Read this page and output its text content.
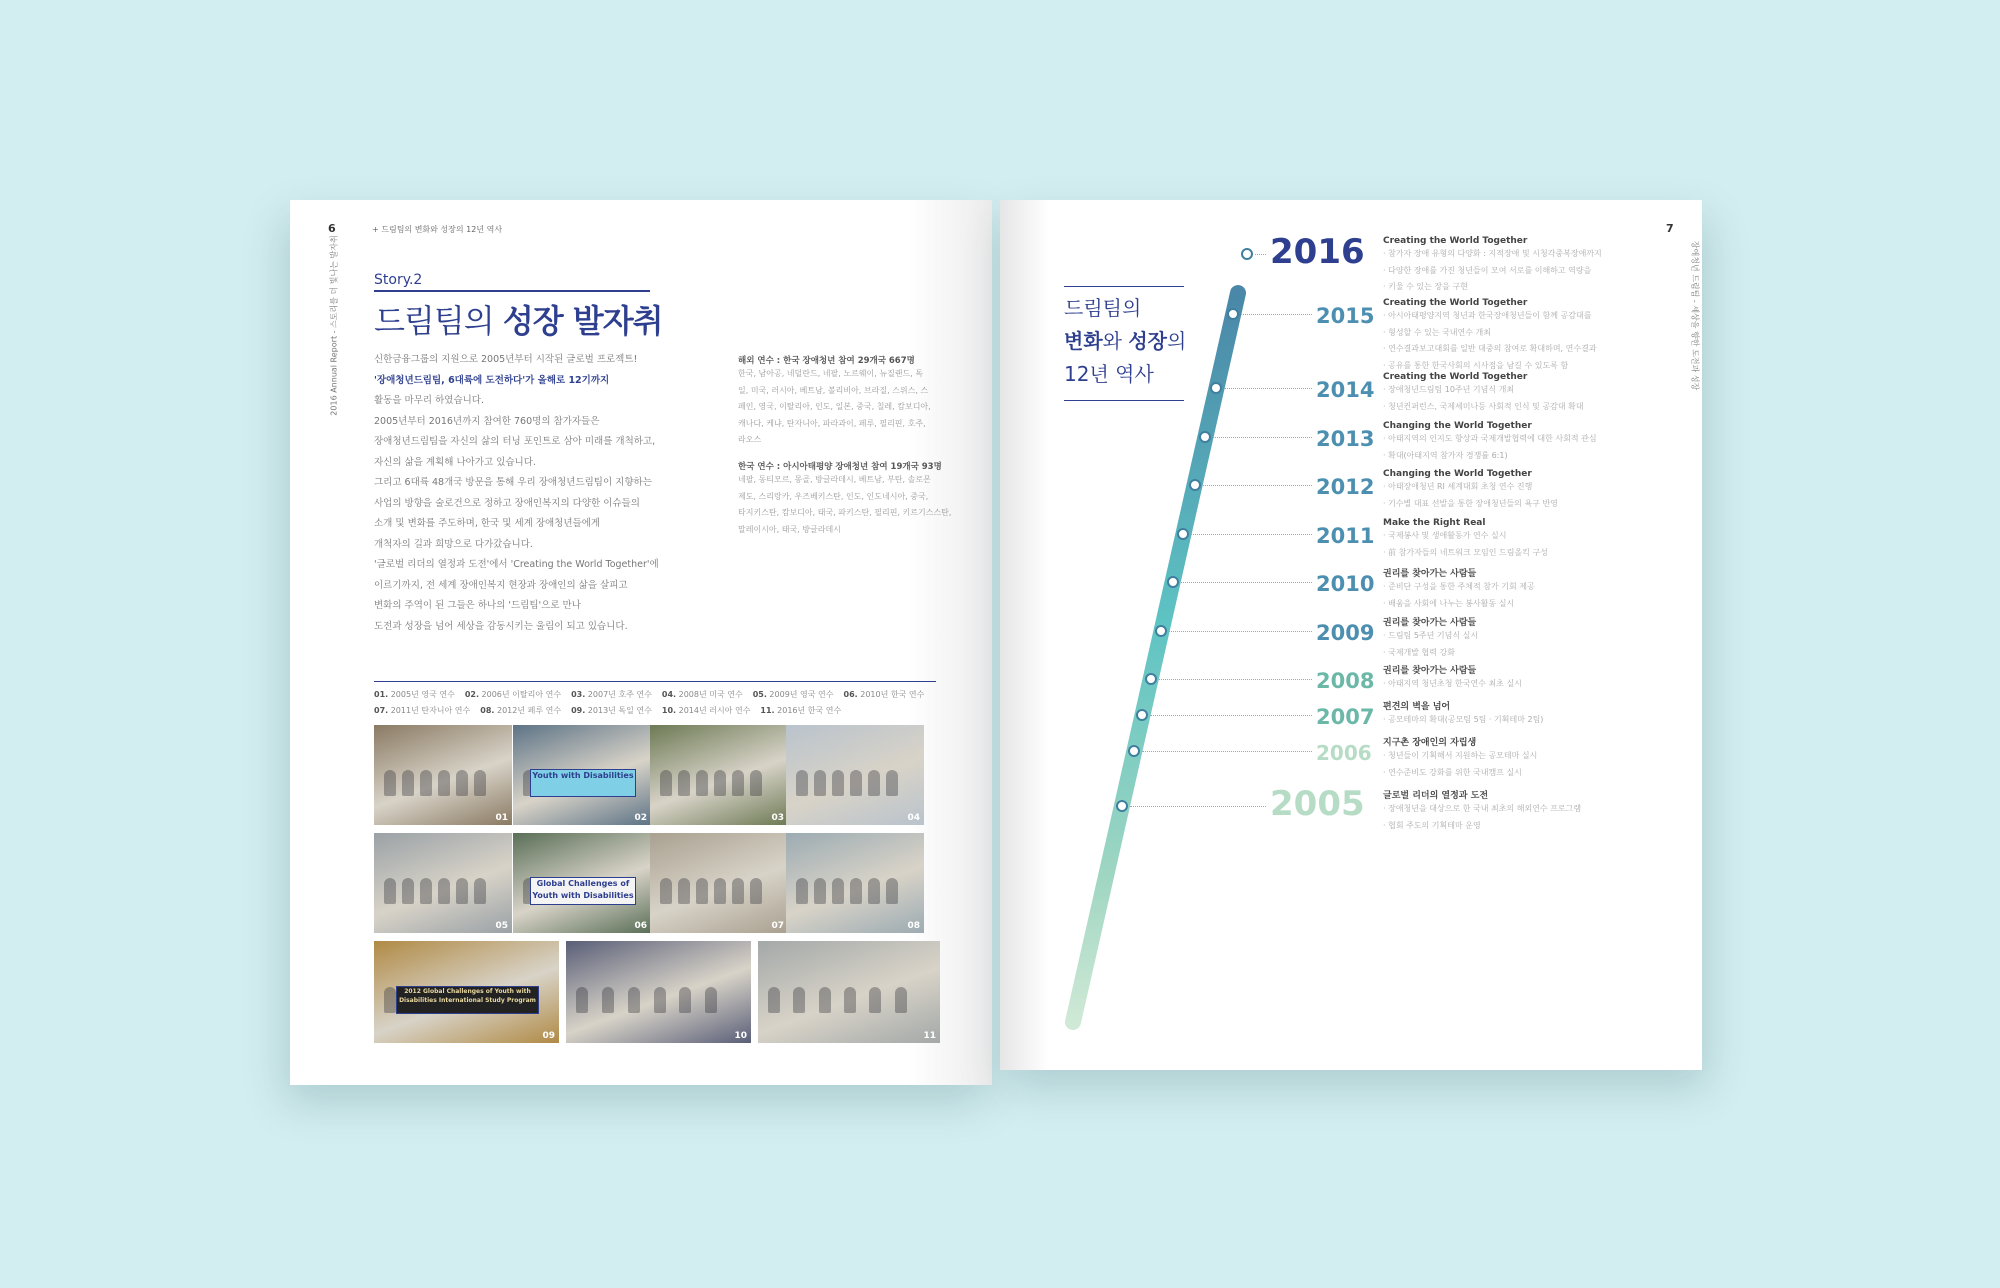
6
2016 Annual Report - 스토리를 더 빛나는 발자취
+ 드림팀의 변화와 성장의 12년 역사
Story.2
드림팀의 성장 발자취

신한금융그룹의 지원으로 2005년부터 시작된 글로벌 프로젝트!

'장애청년드림팀, 6대륙에 도전하다'가 올해로 12기까지

활동을 마무리 하였습니다.

2005년부터 2016년까지 참여한 760명의 참가자들은

장애청년드림팀을 자신의 삶의 터닝 포인트로 삼아 미래를 개척하고,

자신의 삶을 계획해 나아가고 있습니다.

그리고 6대륙 48개국 방문을 통해 우리 장애청년드림팀이 지향하는

사업의 방향을 술로건으로 정하고 장애인복지의 다양한 이슈들의

소개 및 변화를 주도하며, 한국 및 세계 장애청년들에게

개척자의 길과 희망으로 다가갔습니다.

'글로벌 리더의 열정과 도전'에서 'Creating the World Together'에

이르기까지, 전 세계 장애인복지 현장과 장애인의 삶을 살피고

변화의 주역이 된 그들은 하나의 '드림팀'으로 만나

도전과 성장을 넘어 세상을 감동시키는 울림이 되고 있습니다.

해외 연수 : 한국 장애청년 참여 29개국 667명

한국, 남아공, 네덜란드, 네팔, 노르웨이, 뉴질랜드, 독

일, 미국, 러시아, 베트남, 볼리비아, 브라질, 스위스, 스

페인, 영국, 이탈리아, 인도, 일본, 중국, 칠레, 캄보디아,

캐나다, 케냐, 탄자니아, 파라과이, 페루, 필리핀, 호주,

라오스

한국 연수 : 아시아태평양 장애청년 참여 19개국 93명

네팔, 동티모르, 몽골, 방글라데시, 베트남, 부탄, 솔로몬

제도, 스리랑카, 우즈베키스탄, 인도, 인도네시아, 중국,

타지키스탄, 캄보디아, 태국, 파키스탄, 필리핀, 키르기스스탄,

말레이시아, 태국, 방글라데시

01. 2005년 영국 연수 02. 2006년 이탈리아 연수 03. 2007년 호주 연수 04. 2008년 미국 연수 05. 2009년 영국 연수 06. 2010년 한국 연수
07. 2011년 탄자니아 연수 08. 2012년 페루 연수 09. 2013년 독일 연수 10. 2014년 러시아 연수 11. 2016년 한국 연수
01
Youth with Disabilities
02	03	04
05
Global Challenges of
Youth with Disabilities
06	07	08
2012 Global Challenges of Youth with Disabilities International Study Program
09	10	11
7
장애청년 드림팀 - 세상을 향한 도전과 성장
드림팀의
변화와 성장의
12년 역사
2016 Creating the World Together

· 참가자 장애 유형의 다양화 : 지적장애 및 시청각중복장애까지

· 다양한 장애를 가진 청년들이 모여 서로를 이해하고 역량을

· 키울 수 있는 장을 구현

2015
Creating the World Together

· 아시아태평양지역 청년과 한국장애청년들이 함께 공감대를

· 형성할 수 있는 국내연수 개최

· 연수결과보고대회를 일반 대중의 참여로 확대하며, 연수결과

· 공유를 통한 한국사회의 시사점을 남길 수 있도록 함

2014
Creating the World Together

· 장애청년드림팀 10주년 기념식 개최

· 청년컨퍼런스, 국제세미나등 사회적 인식 및 공감대 확대

2013
Changing the World Together

· 아태지역의 인지도 향상과 국제개발협력에 대한 사회적 관심

· 확대(아태지역 참가자 경쟁률 6:1)

2012
Changing the World Together

· 아태장애청년 RI 세계대회 초청 연수 진행

· 기수별 대표 선발을 통한 장애청년들의 욕구 반영

2011
Make the Right Real

· 국제봉사 및 생애활동가 연수 실시

· 前 참가자들의 네트워크 모임인 드림올킥 구성

2010 권리를 찾아가는 사람들

· 준비단 구성을 통한 주체적 참가 기회 제공

· 배움을 사회에 나누는 봉사활동 실시

2009 권리를 찾아가는 사람들

· 드림팀 5주년 기념식 실시

· 국제개발 협력 강화

2008 권리를 찾아가는 사람들

· 아태지역 청년초청 한국연수 최초 실시

2007 편견의 벽을 넘어

· 공모테마의 확대(공모팀 5팀 · 기획테마 2팀)

2006 지구촌 장애인의 자립생

· 청년들이 기획해서 지원하는 공모테마 실시

· 연수준비도 강화를 위한 국내캠프 실시

2005 글로벌 리더의 열정과 도전

· 장애청년을 대상으로 한 국내 최초의 해외연수 프로그램

· 협회 주도의 기획테마 운영
